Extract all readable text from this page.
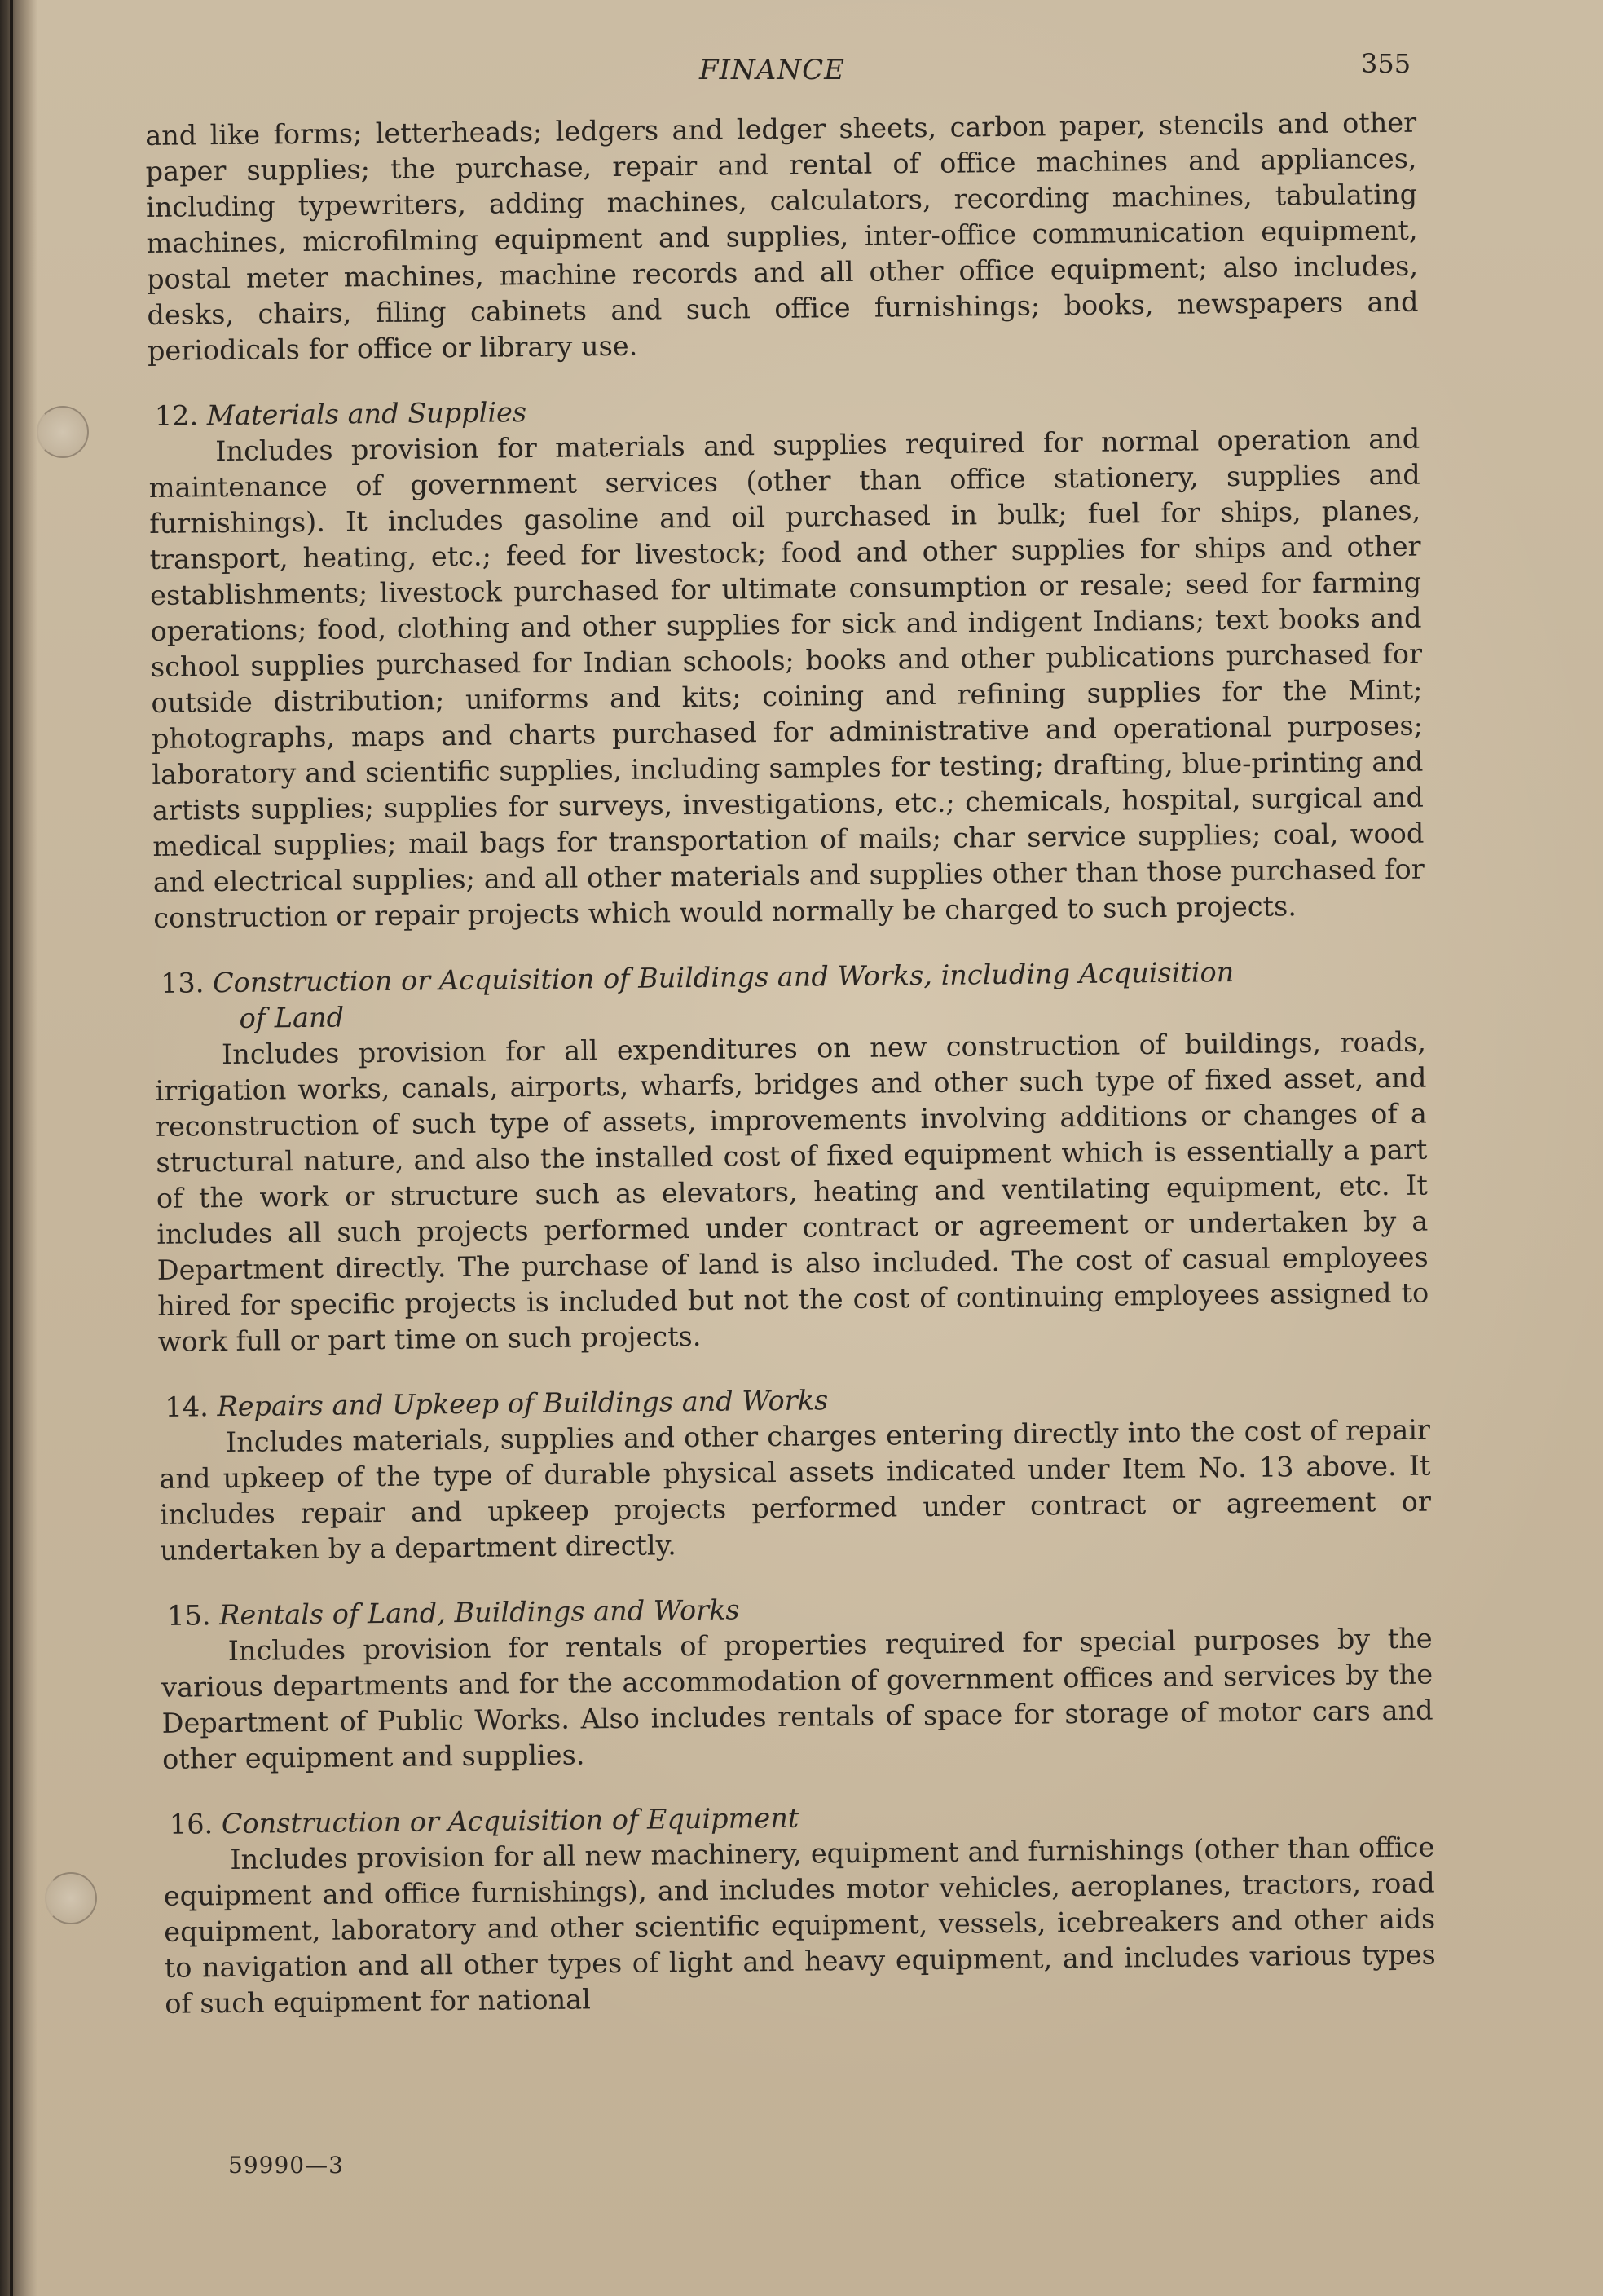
FINANCE	355

and like forms; letterheads; ledgers and ledger sheets, carbon paper, stencils and other paper supplies; the purchase, repair and rental of office machines and appliances, including typewriters, adding machines, calculators, recording machines, tabulating machines, microfilming equipment and supplies, inter-office communication equipment, postal meter machines, machine records and all other office equipment; also includes, desks, chairs, filing cabinets and such office furnishings; books, newspapers and periodicals for office or library use.

12. Materials and Supplies

Includes provision for materials and supplies required for normal operation and maintenance of government services (other than office stationery, supplies and furnishings). It includes gasoline and oil purchased in bulk; fuel for ships, planes, transport, heating, etc.; feed for livestock; food and other supplies for ships and other establishments; livestock purchased for ultimate consumption or resale; seed for farming operations; food, clothing and other supplies for sick and indigent Indians; text books and school supplies purchased for Indian schools; books and other publications purchased for outside distribution; uniforms and kits; coining and refining supplies for the Mint; photographs, maps and charts purchased for administrative and operational purposes; laboratory and scientific supplies, including samples for testing; drafting, blue-printing and artists supplies; supplies for surveys, investigations, etc.; chemicals, hospital, surgical and medical supplies; mail bags for transportation of mails; char service supplies; coal, wood and electrical supplies; and all other materials and supplies other than those purchased for construction or repair projects which would normally be charged to such projects.

13. Construction or Acquisition of Buildings and Works, including Acquisition
of Land

Includes provision for all expenditures on new construction of buildings, roads, irrigation works, canals, airports, wharfs, bridges and other such type of fixed asset, and reconstruction of such type of assets, improvements involving additions or changes of a structural nature, and also the installed cost of fixed equipment which is essentially a part of the work or structure such as elevators, heating and ventilating equipment, etc. It includes all such projects performed under contract or agreement or undertaken by a Department directly. The purchase of land is also included. The cost of casual employees hired for specific projects is included but not the cost of continuing employees assigned to work full or part time on such projects.

14. Repairs and Upkeep of Buildings and Works

Includes materials, supplies and other charges entering directly into the cost of repair and upkeep of the type of durable physical assets indicated under Item No. 13 above. It includes repair and upkeep projects performed under contract or agreement or undertaken by a department directly.

15. Rentals of Land, Buildings and Works

Includes provision for rentals of properties required for special purposes by the various departments and for the accommodation of government offices and services by the Department of Public Works. Also includes rentals of space for storage of motor cars and other equipment and supplies.

16. Construction or Acquisition of Equipment

Includes provision for all new machinery, equipment and furnishings (other than office equipment and office furnishings), and includes motor vehicles, aeroplanes, tractors, road equipment, laboratory and other scientific equipment, vessels, icebreakers and other aids to navigation and all other types of light and heavy equipment, and includes various types of such equipment for national

59990—3
